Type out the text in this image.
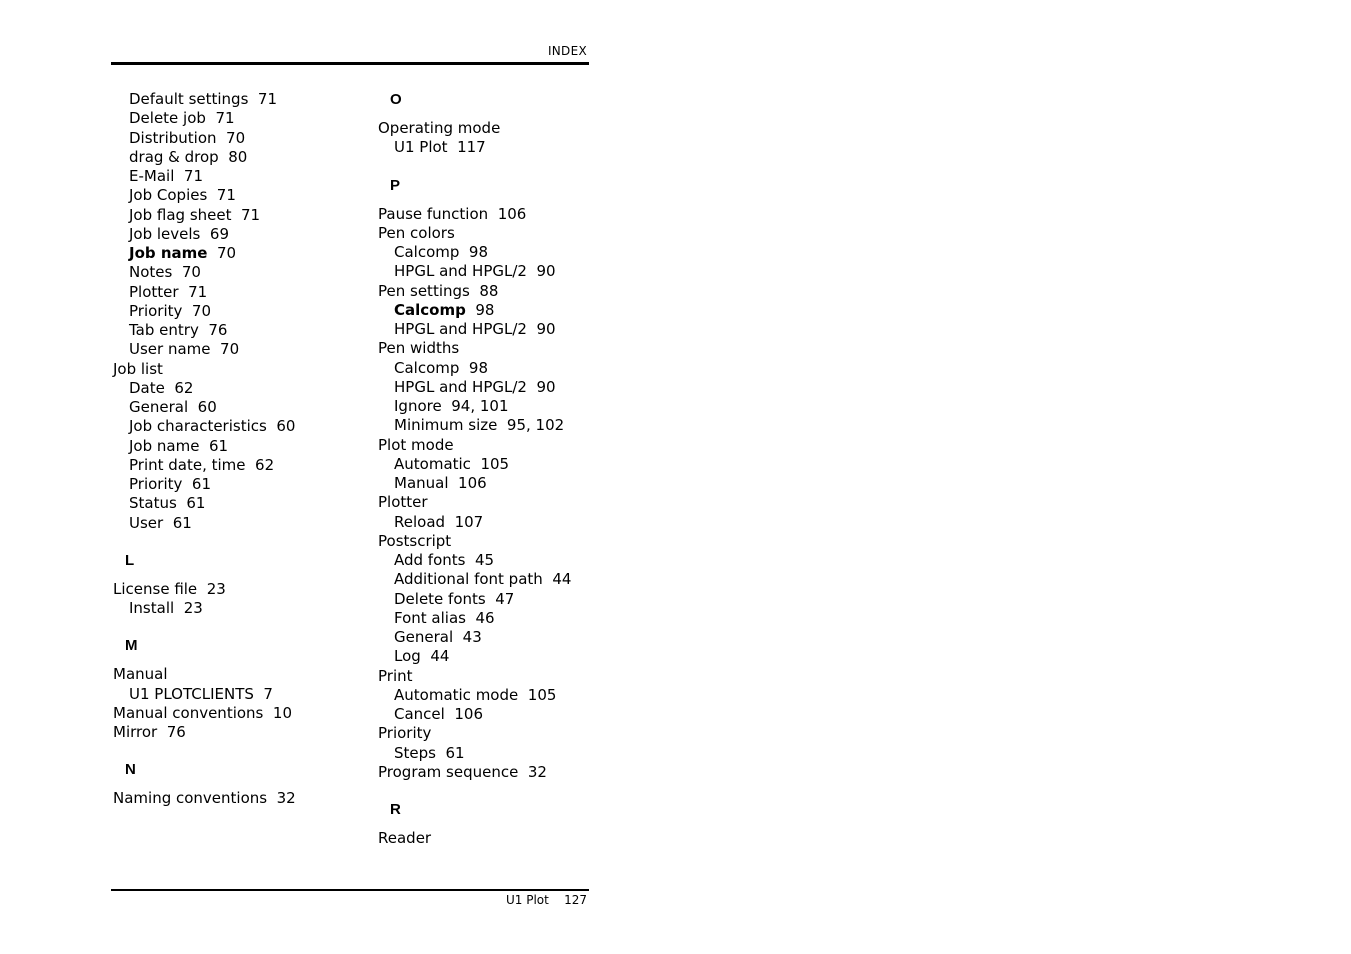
INDEX
Default settings  71
Delete job  71
Distribution  70
drag & drop  80
E-Mail  71
Job Copies  71
Job flag sheet  71
Job levels  69
Job name  70
Notes  70
Plotter  71
Priority  70
Tab entry  76
User name  70
Job list
Date  62
General  60
Job characteristics  60
Job name  61
Print date, time  62
Priority  61
Status  61
User  61
L
License file  23
Install  23
M
Manual
U1 PLOTCLIENTS  7
Manual conventions  10
Mirror  76
N
Naming conventions  32
O
Operating mode
U1 Plot  117
P
Pause function  106
Pen colors
Calcomp  98
HPGL and HPGL/2  90
Pen settings  88
Calcomp  98
HPGL and HPGL/2  90
Pen widths
Calcomp  98
HPGL and HPGL/2  90
Ignore  94, 101
Minimum size  95, 102
Plot mode
Automatic  105
Manual  106
Plotter
Reload  107
Postscript
Add fonts  45
Additional font path  44
Delete fonts  47
Font alias  46
General  43
Log  44
Print
Automatic mode  105
Cancel  106
Priority
Steps  61
Program sequence  32
R
Reader
U1 Plot    127
